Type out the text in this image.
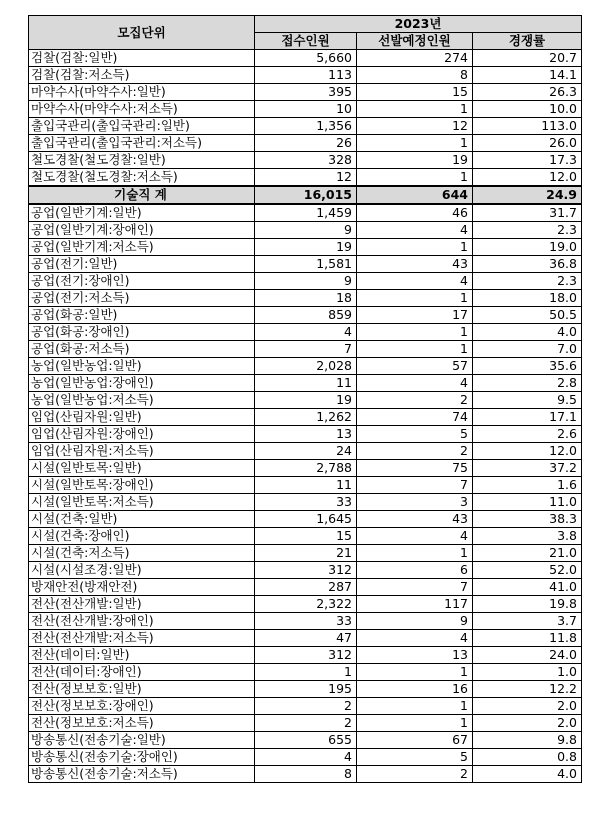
모집단위	2023년		
	접수인원	선발예정인원	경쟁률
검찰(검찰:일반)	5,660	274	20.7
검찰(검찰:저소득)	113	8	14.1
마약수사(마약수사:일반)	395	15	26.3
마약수사(마약수사:저소득)	10	1	10.0
출입국관리(출입국관리:일반)	1,356	12	113.0
출입국관리(출입국관리:저소득)	26	1	26.0
철도경찰(철도경찰:일반)	328	19	17.3
철도경찰(철도경찰:저소득)	12	1	12.0
기술직 계	16,015	644	24.9
공업(일반기계:일반)	1,459	46	31.7
공업(일반기계:장애인)	9	4	2.3
공업(일반기계:저소득)	19	1	19.0
공업(전기:일반)	1,581	43	36.8
공업(전기:장애인)	9	4	2.3
공업(전기:저소득)	18	1	18.0
공업(화공:일반)	859	17	50.5
공업(화공:장애인)	4	1	4.0
공업(화공:저소득)	7	1	7.0
농업(일반농업:일반)	2,028	57	35.6
농업(일반농업:장애인)	11	4	2.8
농업(일반농업:저소득)	19	2	9.5
임업(산림자원:일반)	1,262	74	17.1
임업(산림자원:장애인)	13	5	2.6
임업(산림자원:저소득)	24	2	12.0
시설(일반토목:일반)	2,788	75	37.2
시설(일반토목:장애인)	11	7	1.6
시설(일반토목:저소득)	33	3	11.0
시설(건축:일반)	1,645	43	38.3
시설(건축:장애인)	15	4	3.8
시설(건축:저소득)	21	1	21.0
시설(시설조경:일반)	312	6	52.0
방재안전(방재안전)	287	7	41.0
전산(전산개발:일반)	2,322	117	19.8
전산(전산개발:장애인)	33	9	3.7
전산(전산개발:저소득)	47	4	11.8
전산(데이터:일반)	312	13	24.0
전산(데이터:장애인)	1	1	1.0
전산(정보보호:일반)	195	16	12.2
전산(정보보호:장애인)	2	1	2.0
전산(정보보호:저소득)	2	1	2.0
방송통신(전송기술:일반)	655	67	9.8
방송통신(전송기술:장애인)	4	5	0.8
방송통신(전송기술:저소득)	8	2	4.0
